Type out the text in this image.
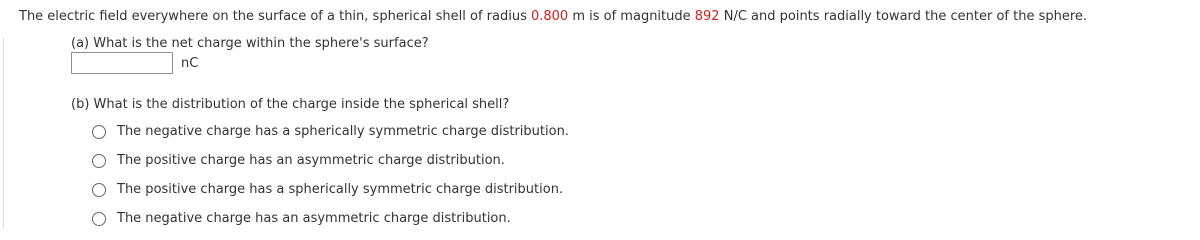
The electric field everywhere on the surface of a thin, spherical shell of radius 0.800 m is of magnitude 892 N/C and points radially toward the center of the sphere.
(a) What is the net charge within the sphere's surface?
nC
(b) What is the distribution of the charge inside the spherical shell?
The negative charge has a spherically symmetric charge distribution.
The positive charge has an asymmetric charge distribution.
The positive charge has a spherically symmetric charge distribution.
The negative charge has an asymmetric charge distribution.
